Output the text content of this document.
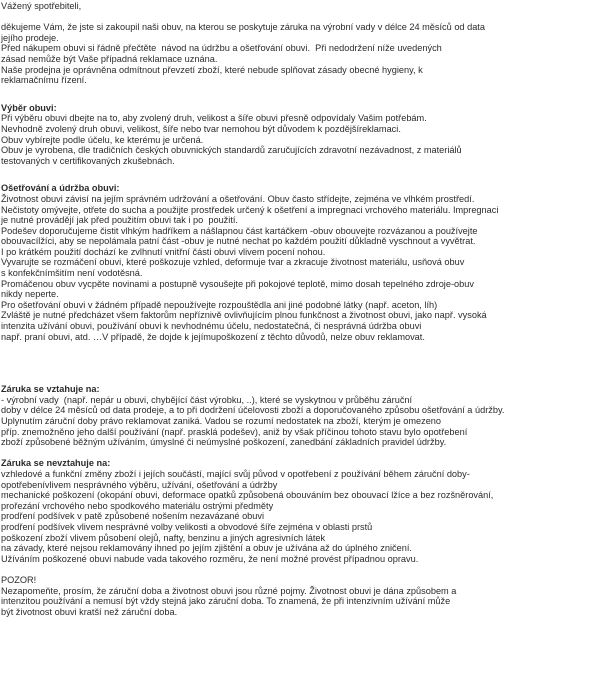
Vážený spotřebiteli,
děkujeme Vám, že jste si zakoupil naši obuv, na kterou se poskytuje záruka na výrobní vady v délce 24 měsíců od data
jejího prodeje.
Před nákupem obuvi si řádně přečtěte  návod na údržbu a ošetřování obuvi.  Při nedodržení níže uvedených
zásad nemůže být Vaše případná reklamace uznána.
Naše prodejna je oprávněna odmítnout převzetí zboží, které nebude splňovat zásady obecné hygieny, k
reklamačnímu řízení.
Výběr obuvi:
Při výběru obuvi dbejte na to, aby zvolený druh, velikost a šíře obuvi přesně odpovídaly Vašim potřebám.
Nevhodně zvolený druh obuvi, velikost, šíře nebo tvar nemohou být důvodem k pozdějšíreklamaci.
Obuv vybírejte podle účelu, ke kterému je určená.
Obuv je vyrobena, dle tradičních českých obuvnických standardů zaručujících zdravotní nezávadnost, z materiálů
testovaných v certifikovaných zkušebnách.
Ošetřování a údržba obuvi:
Životnost obuvi závisí na jejím správném udržování a ošetřování. Obuv často střídejte, zejména ve vlhkém prostředí.
Nečistoty omývejte, otřete do sucha a použijte prostředek určený k ošetření a impregnaci vrchového materiálu. Impregnaci
je nutné provádějí jak před použitím obuvi tak i po  použití.
Podešev doporučujeme čistit vlhkým hadříkem a nášlapnou část kartáčkem -obuv obouvejte rozvázanou a používejte
obouvacílžíci, aby se nepolámala patní část -obuv je nutné nechat po každém použití důkladně vyschnout a vyvětrat.
I po krátkém použití dochází ke zvlhnutí vnitřní části obuvi vlivem pocení nohou.
Vyvarujte se rozmáčení obuvi, které poškozuje vzhled, deformuje tvar a zkracuje životnost materiálu, usňová obuv
s konfekčnímšitím není vodotěsná.
Promáčenou obuv vycpěte novinami a postupně vysoušejte při pokojové teplotě, mimo dosah tepelného zdroje-obuv
nikdy neperte.
Pro ošetřování obuvi v žádném případě nepoužívejte rozpouštědla ani jiné podobné látky (např. aceton, líh)
Zvláště je nutné předcházet všem faktorům nepříznivě ovlivňujícím plnou funkčnost a životnost obuvi, jako např. vysoká
intenzita užívání obuvi, používání obuvi k nevhodnému účelu, nedostatečná, či nesprávná údržba obuvi
např. praní obuvi, atd. …V případě, že dojde k jejímupoškození z těchto důvodů, nelze obuv reklamovat.
Záruka se vztahuje na:
- výrobní vady  (např. nepár u obuvi, chybějící část výrobku, ..), které se vyskytnou v průběhu záruční
doby v délce 24 měsíců od data prodeje, a to při dodržení účelovosti zboží a doporučovaného způsobu ošetřování a údržby.
Uplynutím záruční doby právo reklamovat zaniká. Vadou se rozumí nedostatek na zboží, kterým je omezeno
příp. znemožněno jeho další používání (např. prasklá podešev), aniž by však příčinou tohoto stavu bylo opotřebení
zboží způsobené běžným užíváním, úmyslné či neúmyslné poškození, zanedbání základních pravidel údržby.
Záruka se nevztahuje na:
vzhledové a funkční změny zboží i jejích součástí, mající svůj původ v opotřebení z používání během záruční doby-
opotřebenívlivem nesprávného výběru, užívání, ošetřování a údržby
mechanické poškození (okopání obuvi, deformace opatků způsobená obouváním bez obouvací lžíce a bez rozšněrování,
prořezání vrchového nebo spodkového materiálu ostrými předměty
prodření podšívek v patě způsobené nošením nezavázané obuvi
prodření podšívek vlivem nesprávné volby velikosti a obvodové šíře zejména v oblasti prstů
poškození zboží vlivem působení olejů, nafty, benzinu a jiných agresivních látek
na závady, které nejsou reklamovány ihned po jejím zjištění a obuv je užívána až do úplného zničení.
Užíváním poškozené obuvi nabude vada takového rozměru, že není možné provést případnou opravu.
POZOR!
Nezapomeňte, prosím, že záruční doba a životnost obuvi jsou různé pojmy. Životnost obuvi je dána způsobem a
intenzitou používání a nemusí být vždy stejná jako záruční doba. To znamená, že při intenzivním užívání může
být životnost obuvi kratší než záruční doba.
